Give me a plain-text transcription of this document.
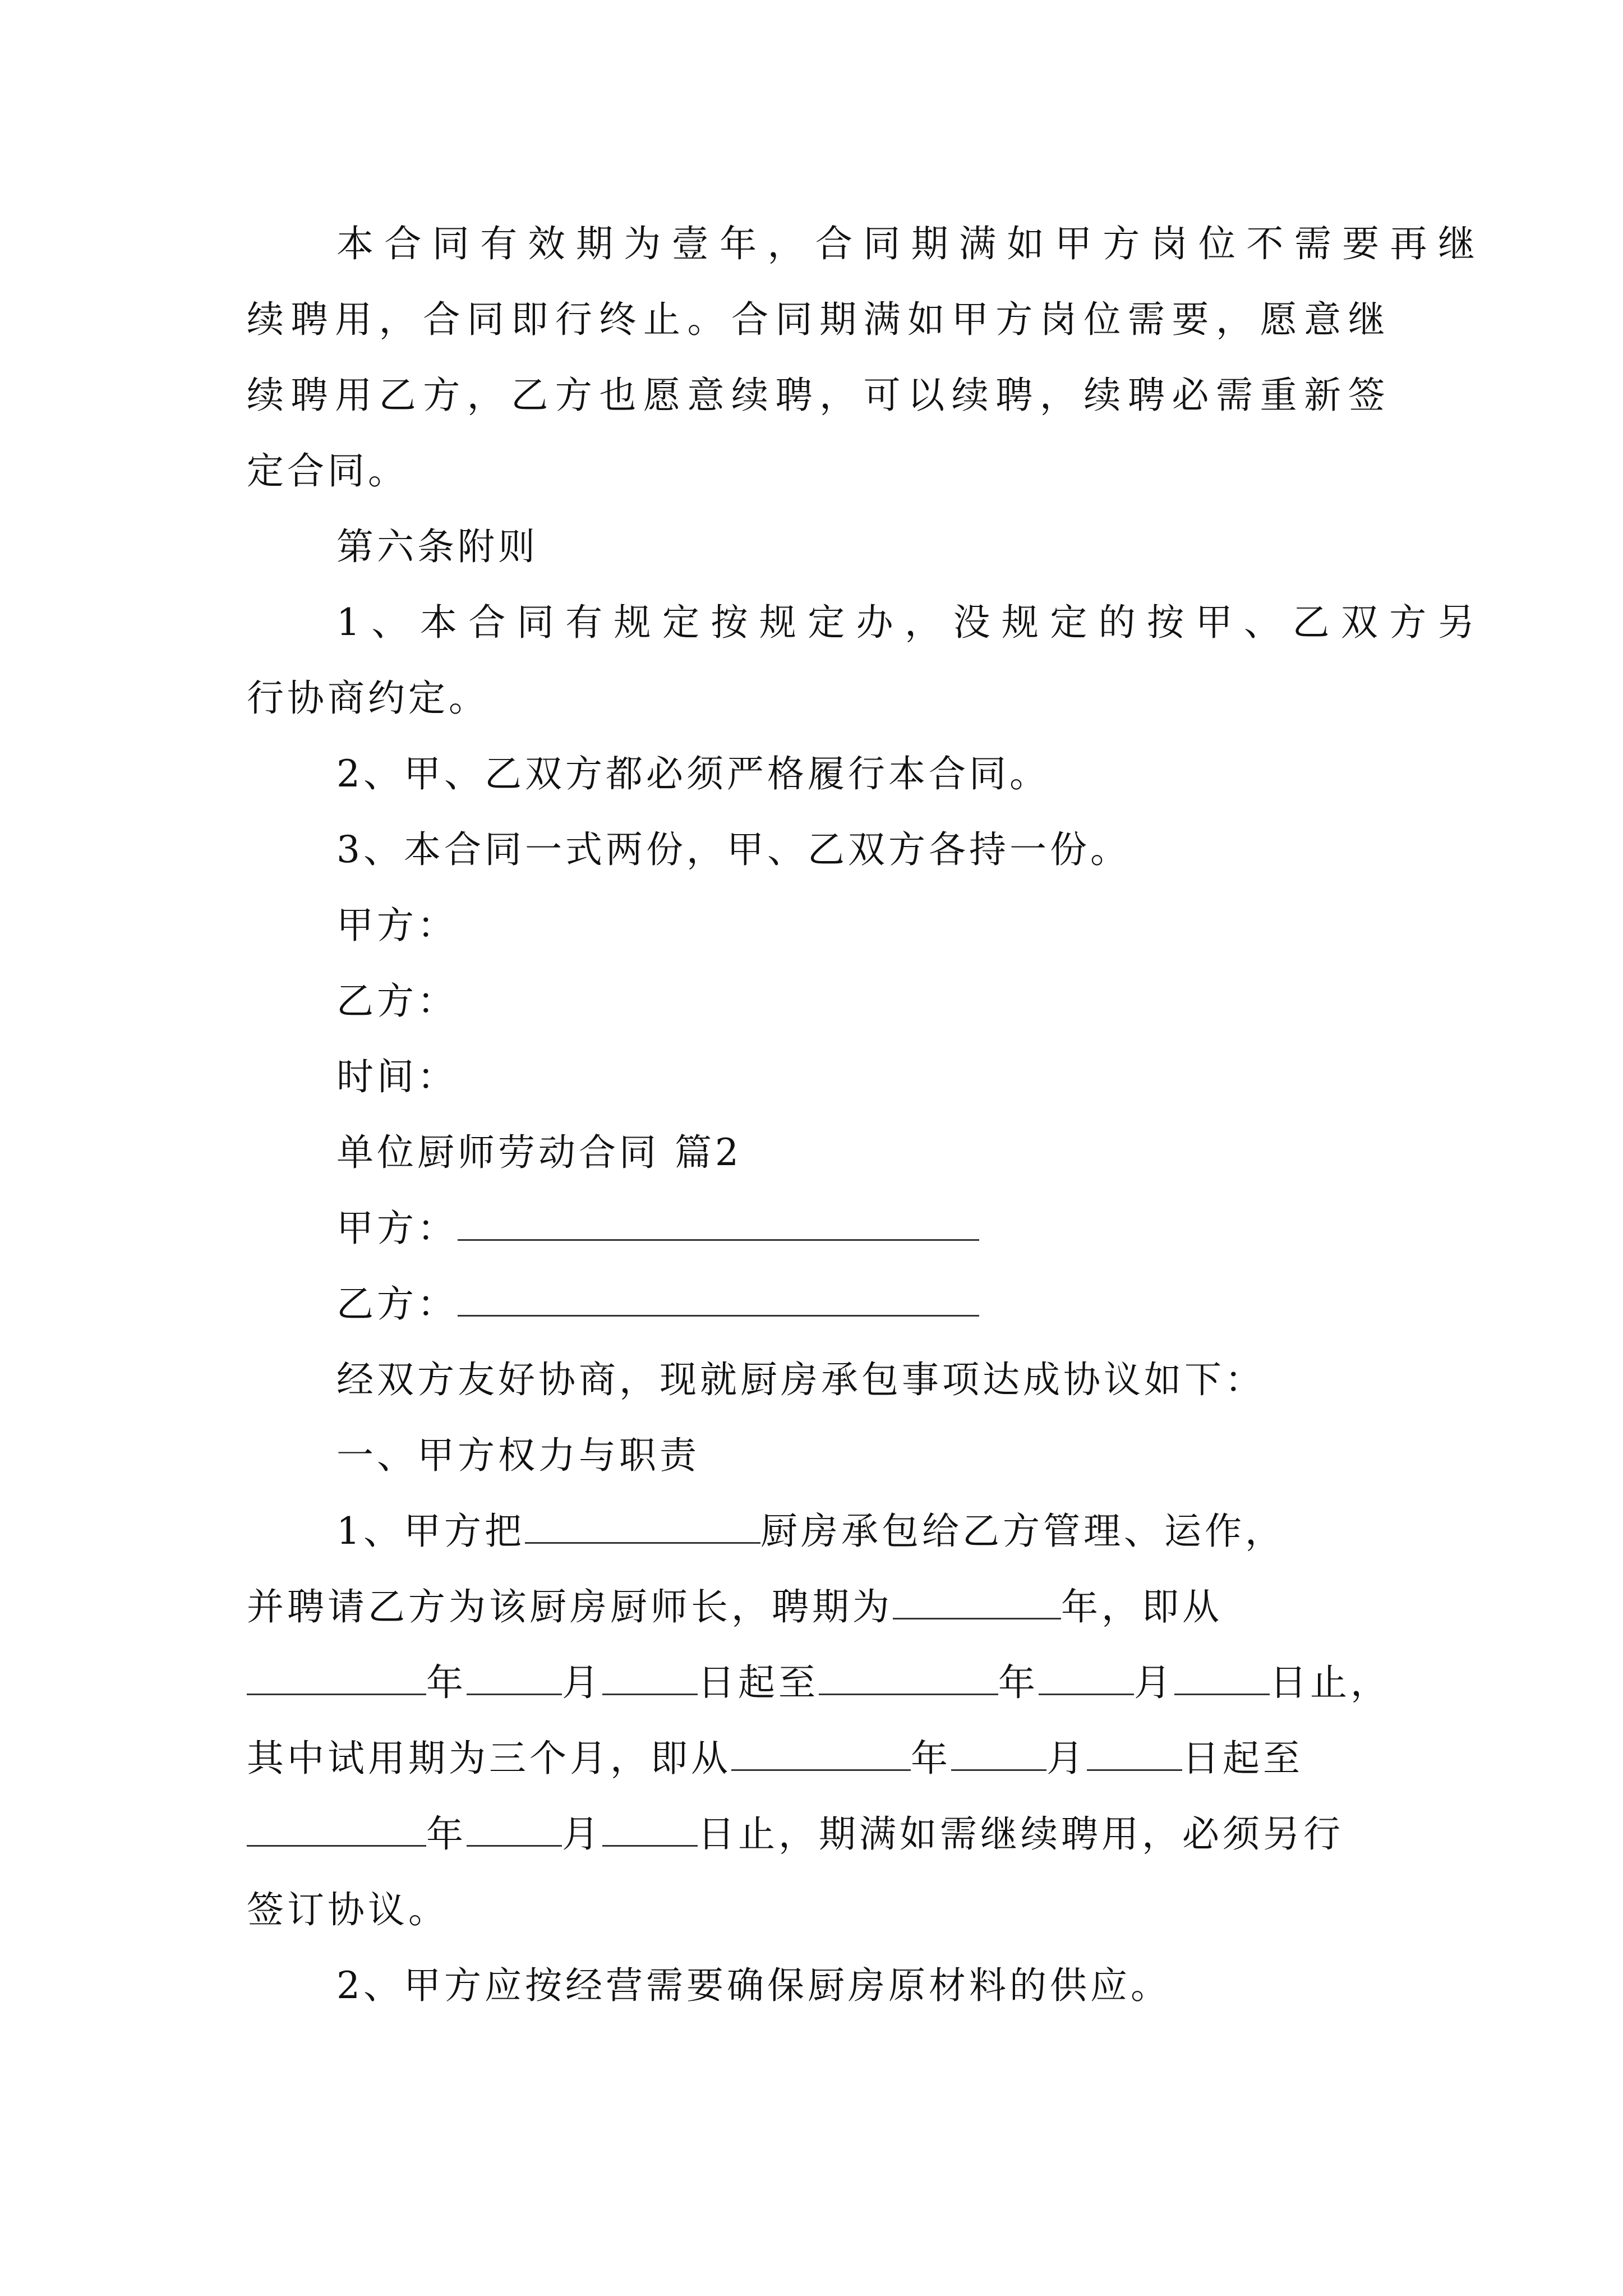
本 合 同 有 效 期 为 壹 年 ， 合 同 期 满 如 甲 方 岗 位 不 需 要 再 继
续 聘 用 ， 合 同 即 行 终 止 。 合 同 期 满 如 甲 方 岗 位 需 要 ， 愿 意 继
续 聘 用 乙 方 ， 乙 方 也 愿 意 续 聘 ， 可 以 续 聘 ， 续 聘 必 需 重 新 签
定合同。
第六条附则
1 、 本 合 同 有 规 定 按 规 定 办 ， 没 规 定 的 按 甲 、 乙 双 方 另
行协商约定。
2、甲、乙双方都必须严格履行本合同。
3、本合同一式两份，甲、乙双方各持一份。
甲方：
乙方：
时间：
单位厨师劳动合同 篇2
甲方：
乙方：
经双方友好协商，现就厨房承包事项达成协议如下：
一、甲方权力与职责
1、甲方把	厨房承包给乙方管理、运作，
并聘请乙方为该厨房厨师长，聘期为	年，即从
年	月	日起至	年	月	日止，
其中试用期为三个月，即从	年	月	日起至
年	月	日止，期满如需继续聘用，必须另行
签订协议。
2、甲方应按经营需要确保厨房原材料的供应。
